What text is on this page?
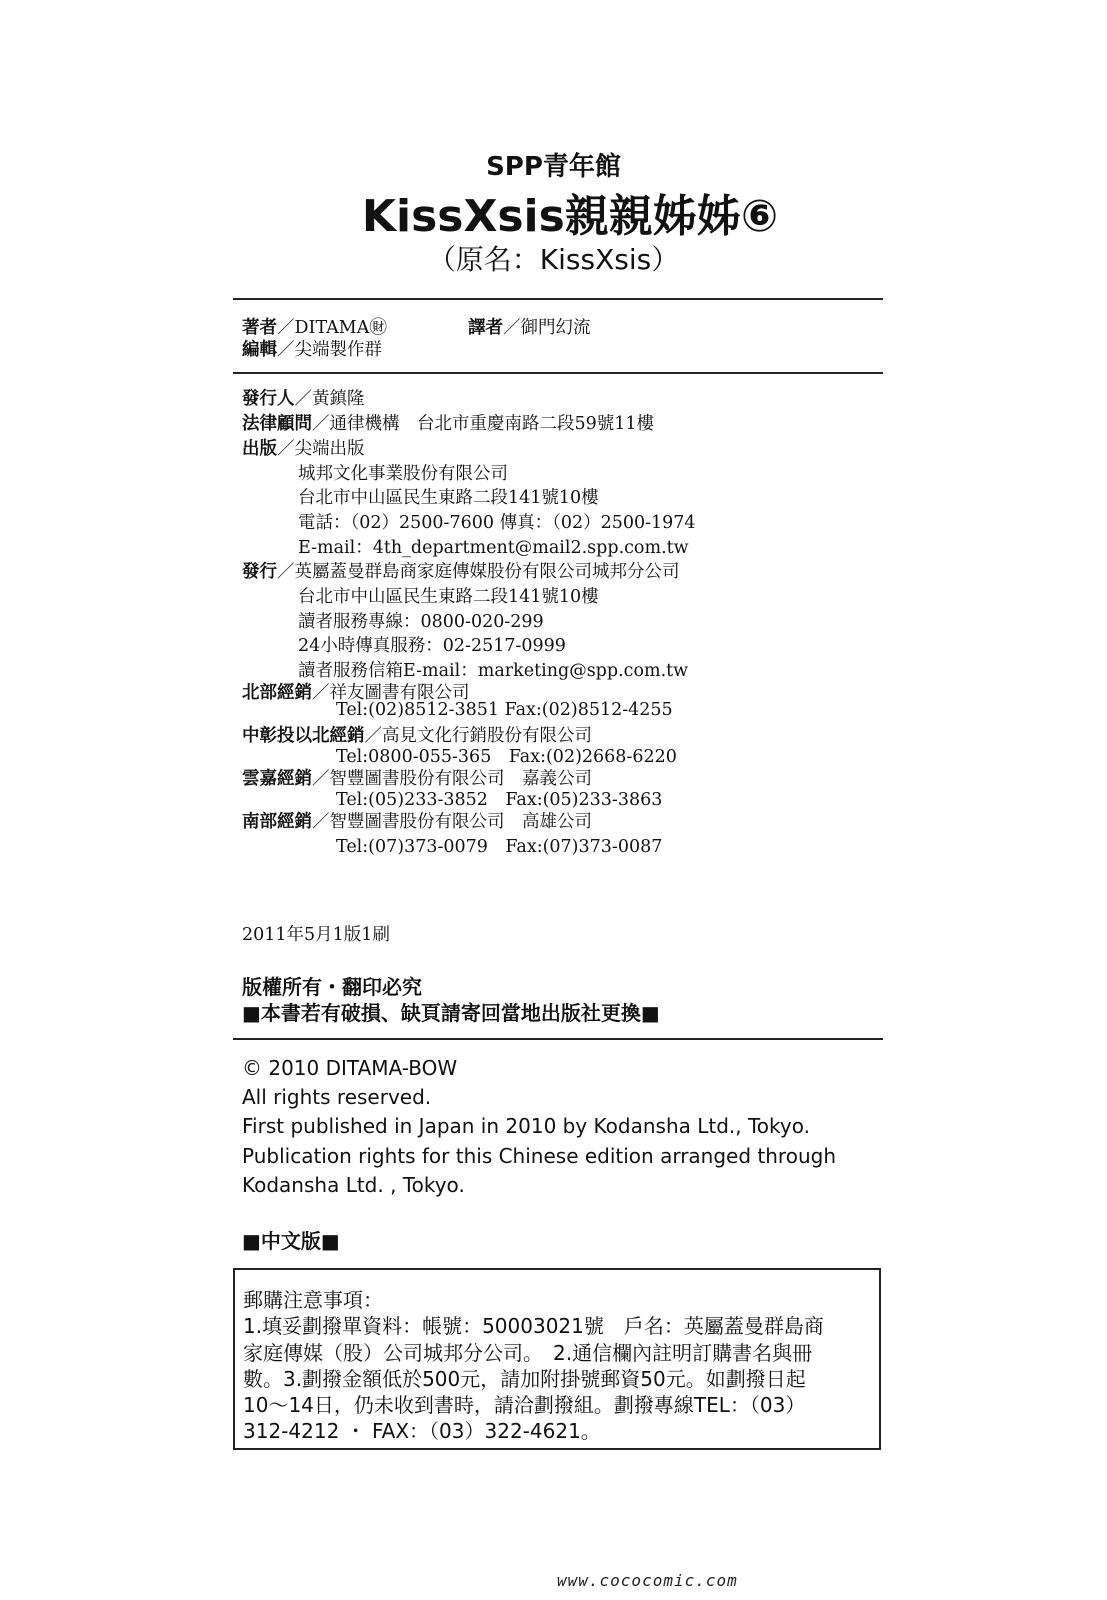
SPP青年館
KissXsis親親姊姊⑥
（原名：KissXsis）
著者／DITAMA㊖	譯者／御門幻流
編輯／尖端製作群
發行人／黃鎮隆
法律顧問／通律機構　台北市重慶南路二段59號11樓
出版／尖端出版
城邦文化事業股份有限公司
台北市中山區民生東路二段141號10樓
電話：（02）2500-7600 傳真：（02）2500-1974
E-mail：4th_department@mail2.spp.com.tw
發行／英屬蓋曼群島商家庭傳媒股份有限公司城邦分公司
台北市中山區民生東路二段141號10樓
讀者服務專線：0800-020-299
24小時傳真服務：02-2517-0999
讀者服務信箱E-mail：marketing@spp.com.tw
北部經銷／祥友圖書有限公司
Tel:(02)8512-3851 Fax:(02)8512-4255
中彰投以北經銷／高見文化行銷股份有限公司
Tel:0800-055-365　Fax:(02)2668-6220
雲嘉經銷／智豐圖書股份有限公司　嘉義公司
Tel:(05)233-3852　Fax:(05)233-3863
南部經銷／智豐圖書股份有限公司　高雄公司
Tel:(07)373-0079　Fax:(07)373-0087
2011年5月1版1刷
版權所有・翻印必究
■本書若有破損、缺頁請寄回當地出版社更換■
© 2010 DITAMA-BOW
All rights reserved.
First published in Japan in 2010 by Kodansha Ltd., Tokyo.
Publication rights for this Chinese edition arranged through
Kodansha Ltd. , Tokyo.
■中文版■
郵購注意事項：
1.填妥劃撥單資料：帳號：50003021號　戶名：英屬蓋曼群島商
家庭傳媒（股）公司城邦分公司。　2.通信欄內註明訂購書名與冊
數。3.劃撥金額低於500元，請加附掛號郵資50元。如劃撥日起
10～14日，仍未收到書時，請洽劃撥組。劃撥專線TEL：（03）
312-4212 ・ FAX：（03）322-4621。
www.cococomic.com
